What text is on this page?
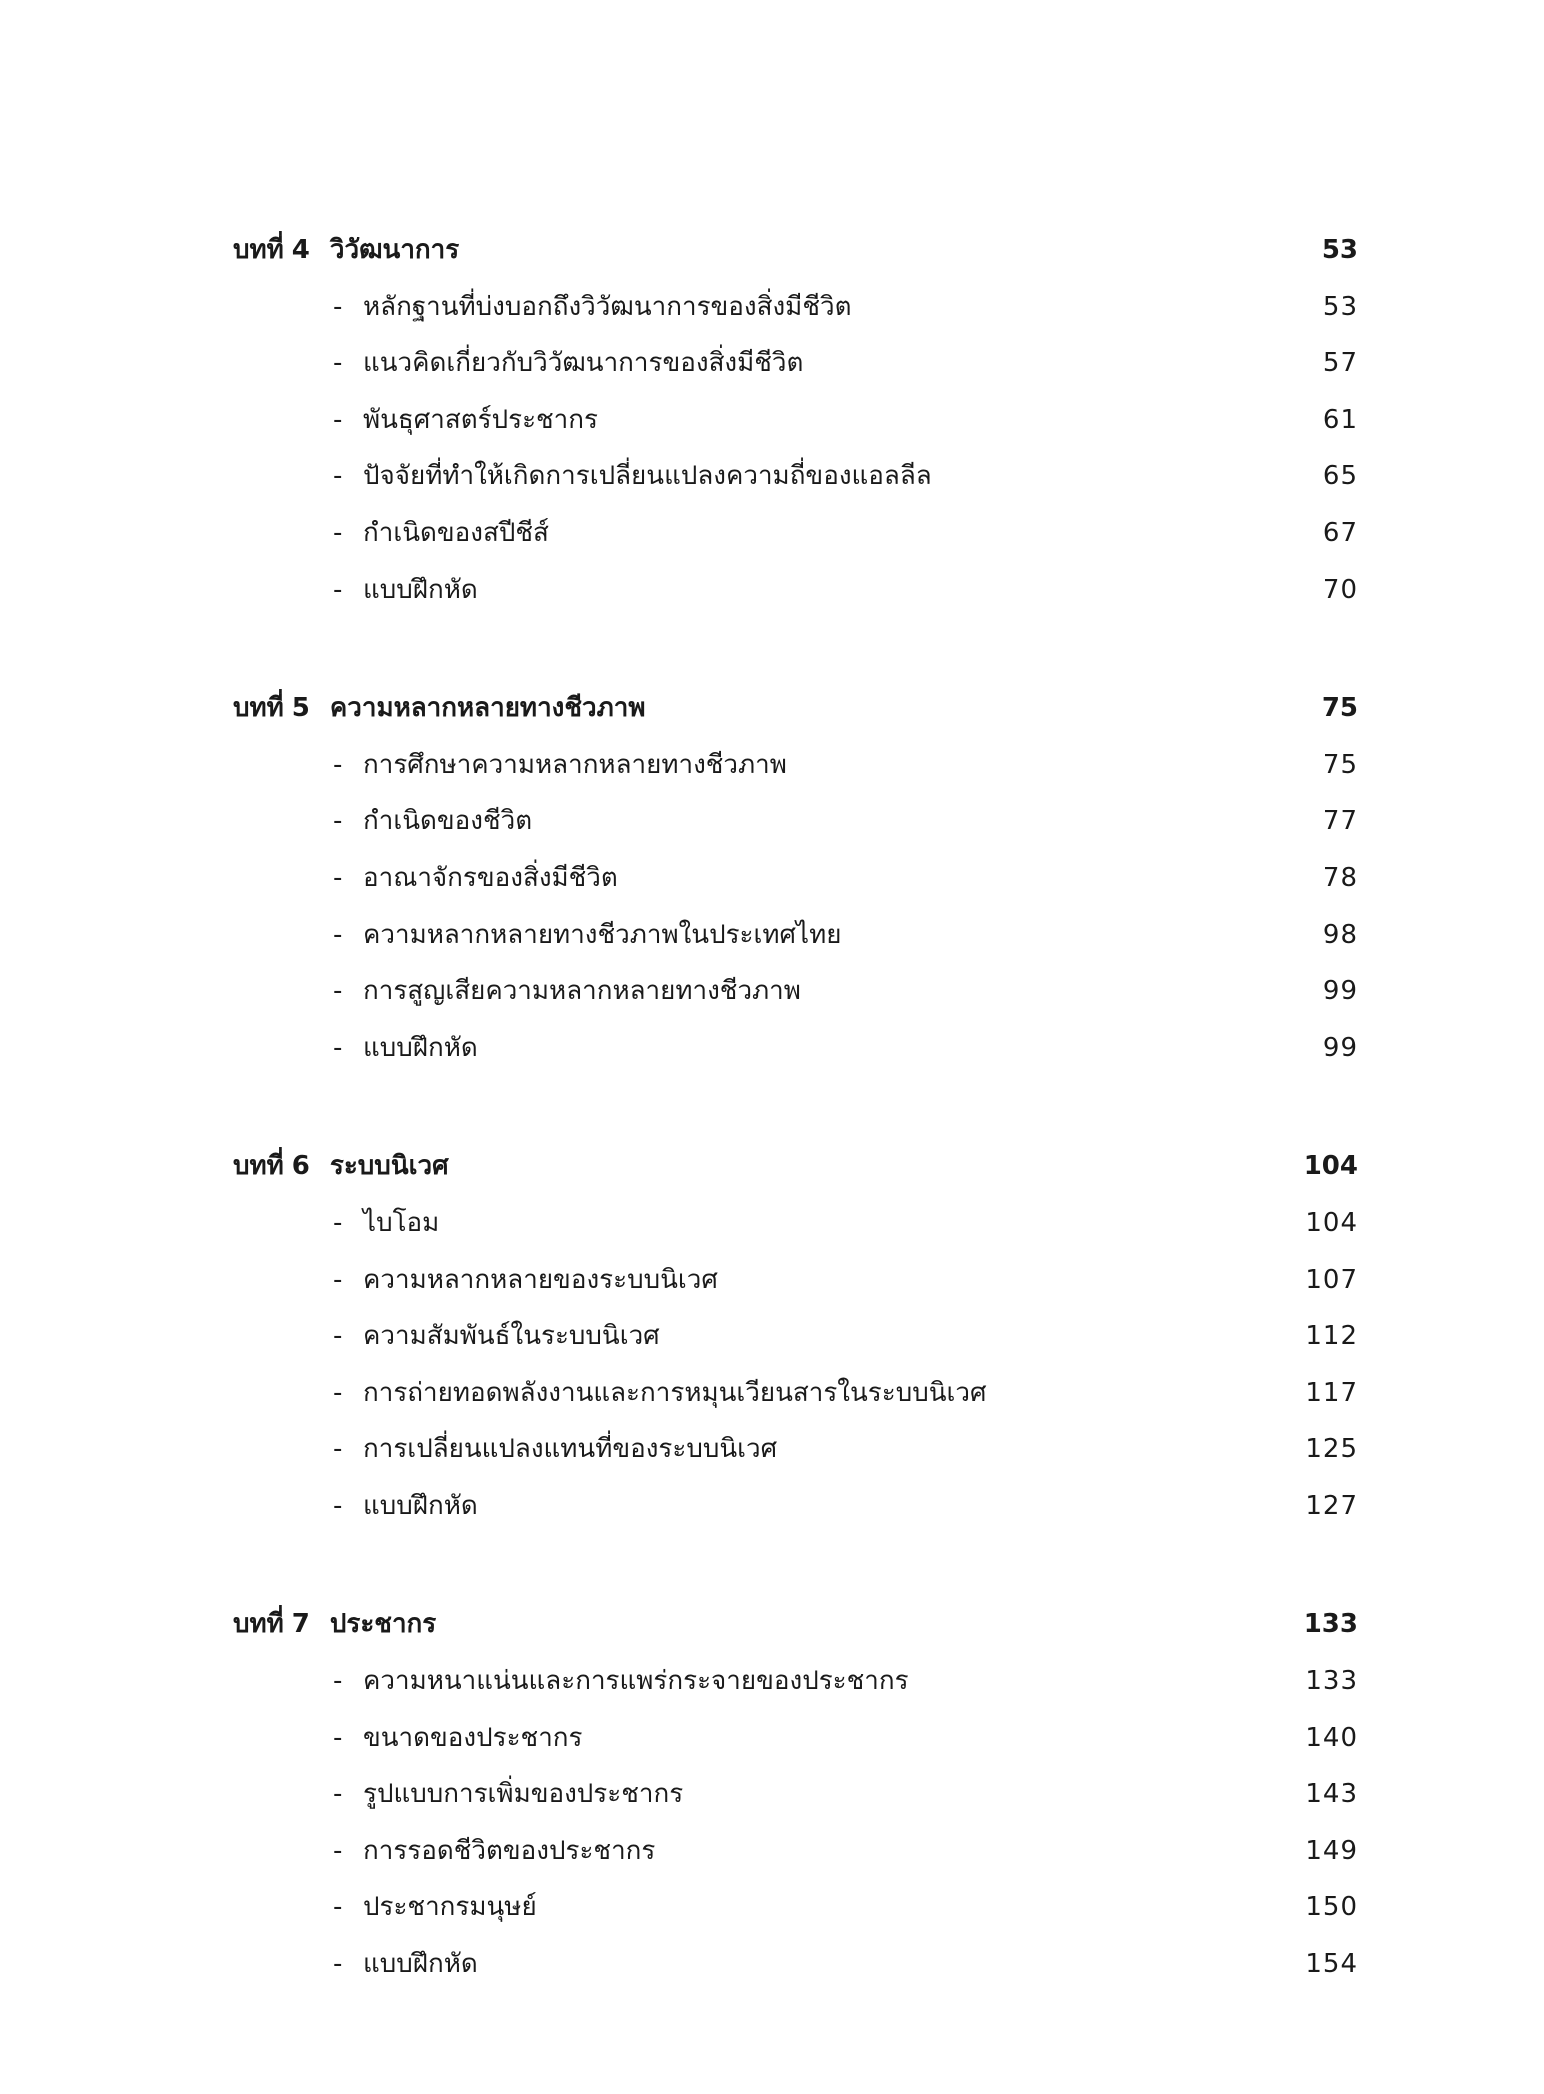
บทที่ 4 วิวัฒนาการ	53
- หลักฐานที่บ่งบอกถึงวิวัฒนาการของสิ่งมีชีวิต	53
- แนวคิดเกี่ยวกับวิวัฒนาการของสิ่งมีชีวิต	57
- พันธุศาสตร์ประชากร	61
- ปัจจัยที่ทำให้เกิดการเปลี่ยนแปลงความถี่ของแอลลีล	65
- กำเนิดของสปีชีส์	67
- แบบฝึกหัด	70
บทที่ 5 ความหลากหลายทางชีวภาพ	75
- การศึกษาความหลากหลายทางชีวภาพ	75
- กำเนิดของชีวิต	77
- อาณาจักรของสิ่งมีชีวิต	78
- ความหลากหลายทางชีวภาพในประเทศไทย	98
- การสูญเสียความหลากหลายทางชีวภาพ	99
- แบบฝึกหัด	99
บทที่ 6 ระบบนิเวศ	104
- ไบโอม	104
- ความหลากหลายของระบบนิเวศ	107
- ความสัมพันธ์ในระบบนิเวศ	112
- การถ่ายทอดพลังงานและการหมุนเวียนสารในระบบนิเวศ	117
- การเปลี่ยนแปลงแทนที่ของระบบนิเวศ	125
- แบบฝึกหัด	127
บทที่ 7 ประชากร	133
- ความหนาแน่นและการแพร่กระจายของประชากร	133
- ขนาดของประชากร	140
- รูปแบบการเพิ่มของประชากร	143
- การรอดชีวิตของประชากร	149
- ประชากรมนุษย์	150
- แบบฝึกหัด	154
